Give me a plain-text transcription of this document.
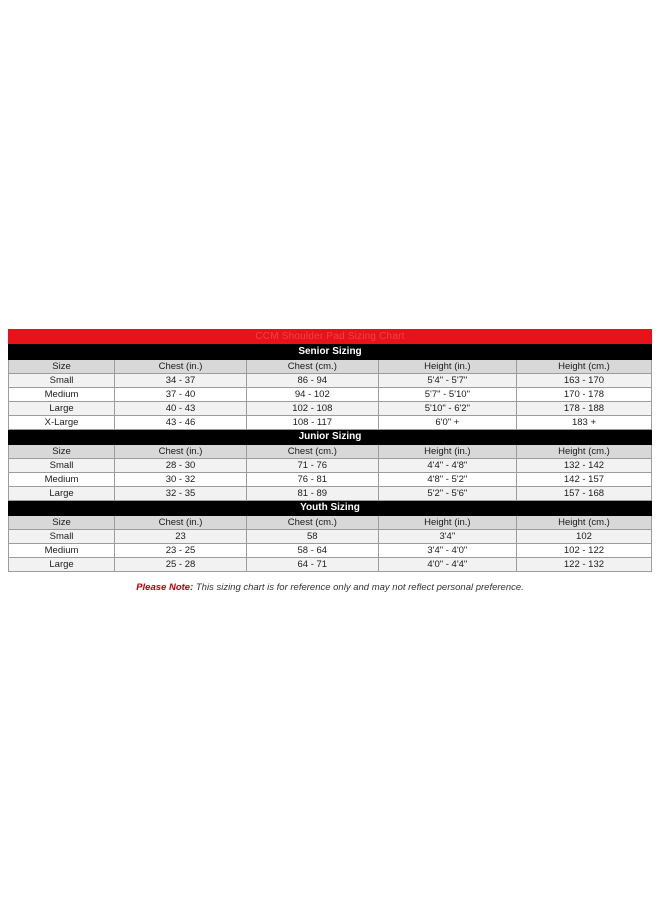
CCM Shoulder Pad Sizing Chart
Senior Sizing				
Size	Chest (in.)	Chest (cm.)	Height (in.)	Height (cm.)
Small	34 - 37	86 - 94	5'4" - 5'7"	163 - 170
Medium	37 - 40	94 - 102	5'7" - 5'10"	170 - 178
Large	40 - 43	102 - 108	5'10" - 6'2"	178 - 188
X-Large	43 - 46	108 - 117	6'0" +	183 +
Junior Sizing				
Size	Chest (in.)	Chest (cm.)	Height (in.)	Height (cm.)
Small	28 - 30	71 - 76	4'4" - 4'8"	132 - 142
Medium	30 - 32	76 - 81	4'8" - 5'2"	142 - 157
Large	32 - 35	81 - 89	5'2" - 5'6"	157 - 168
Youth Sizing				
Size	Chest (in.)	Chest (cm.)	Height (in.)	Height (cm.)
Small	23	58	3'4"	102
Medium	23 - 25	58 - 64	3'4" - 4'0"	102 - 122
Large	25 - 28	64 - 71	4'0" - 4'4"	122 - 132
Please Note: This sizing chart is for reference only and may not reflect personal preference.
